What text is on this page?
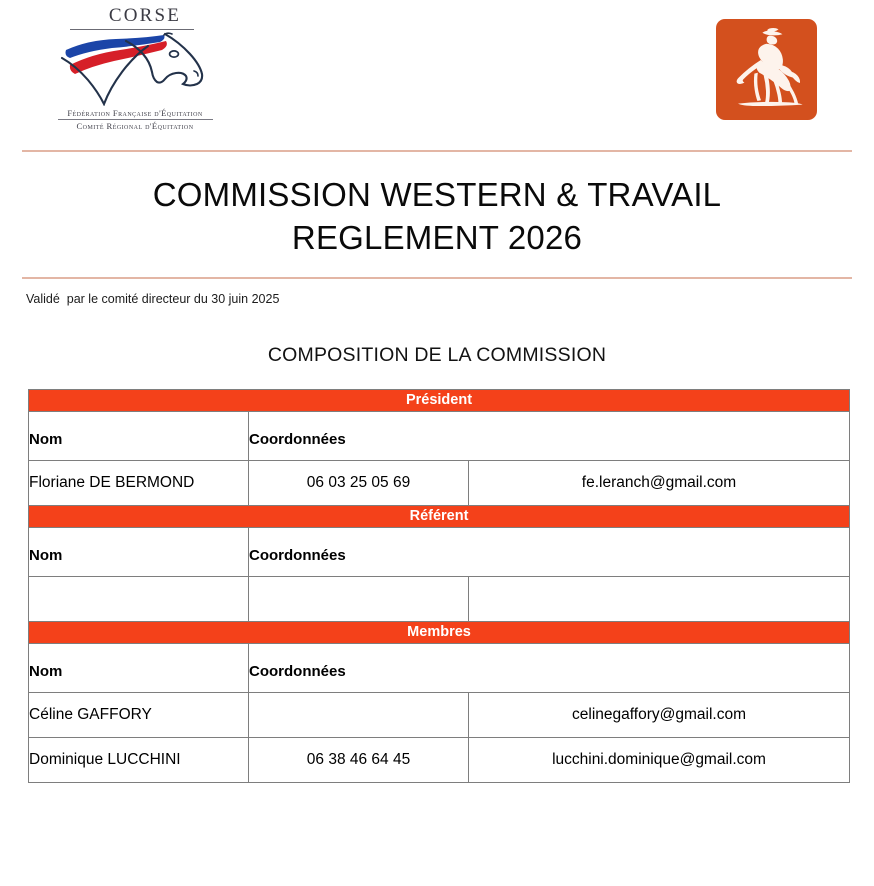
CORSE
Fédération Française d'Équitation
Comité Régional d'Équitation
COMMISSION WESTERN & TRAVAIL
REGLEMENT 2026
Validé  par le comité directeur du 30 juin 2025
COMPOSITION DE LA COMMISSION
Président		

Nom	Coordonnées	

Floriane DE BERMOND	06 03 25 05 69	fe.leranch@gmail.com

Référent		

Nom	Coordonnées	

Membres		

Nom	Coordonnées	

Céline GAFFORY		celinegaffory@gmail.com
Dominique LUCCHINI	06 38 46 64 45	lucchini.dominique@gmail.com
